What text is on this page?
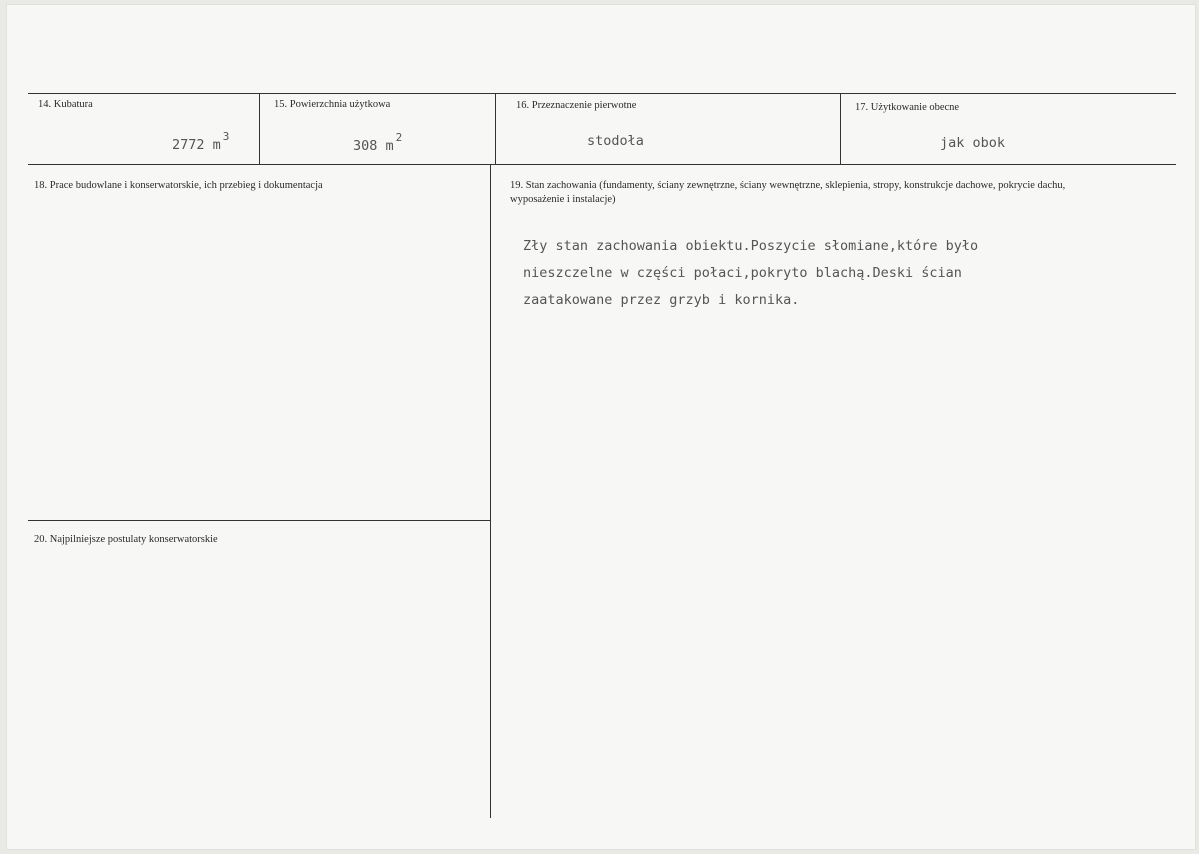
14. Kubatura
2772 $m^3$
15. Powierzchnia użytkowa
308 $m^2$
16. Przeznaczenie pierwotne
stodoła
17. Użytkowanie obecne
jak obok
18. Prace budowlane i konserwatorskie, ich przebieg i dokumentacja	19. Stan zachowania (fundamenty, ściany zewnętrzne, ściany wewnętrzne, sklepienia, stropy, konstrukcje dachowe, pokrycie dachu, wyposażenie i instalacje)
Zły stan zachowania obiektu.Poszycie słomiane,które było
nieszczelne w części połaci,pokryto blachą.Deski ścian
zaatakowane przez grzyb i kornika.
20. Najpilniejsze postulaty konserwatorskie
